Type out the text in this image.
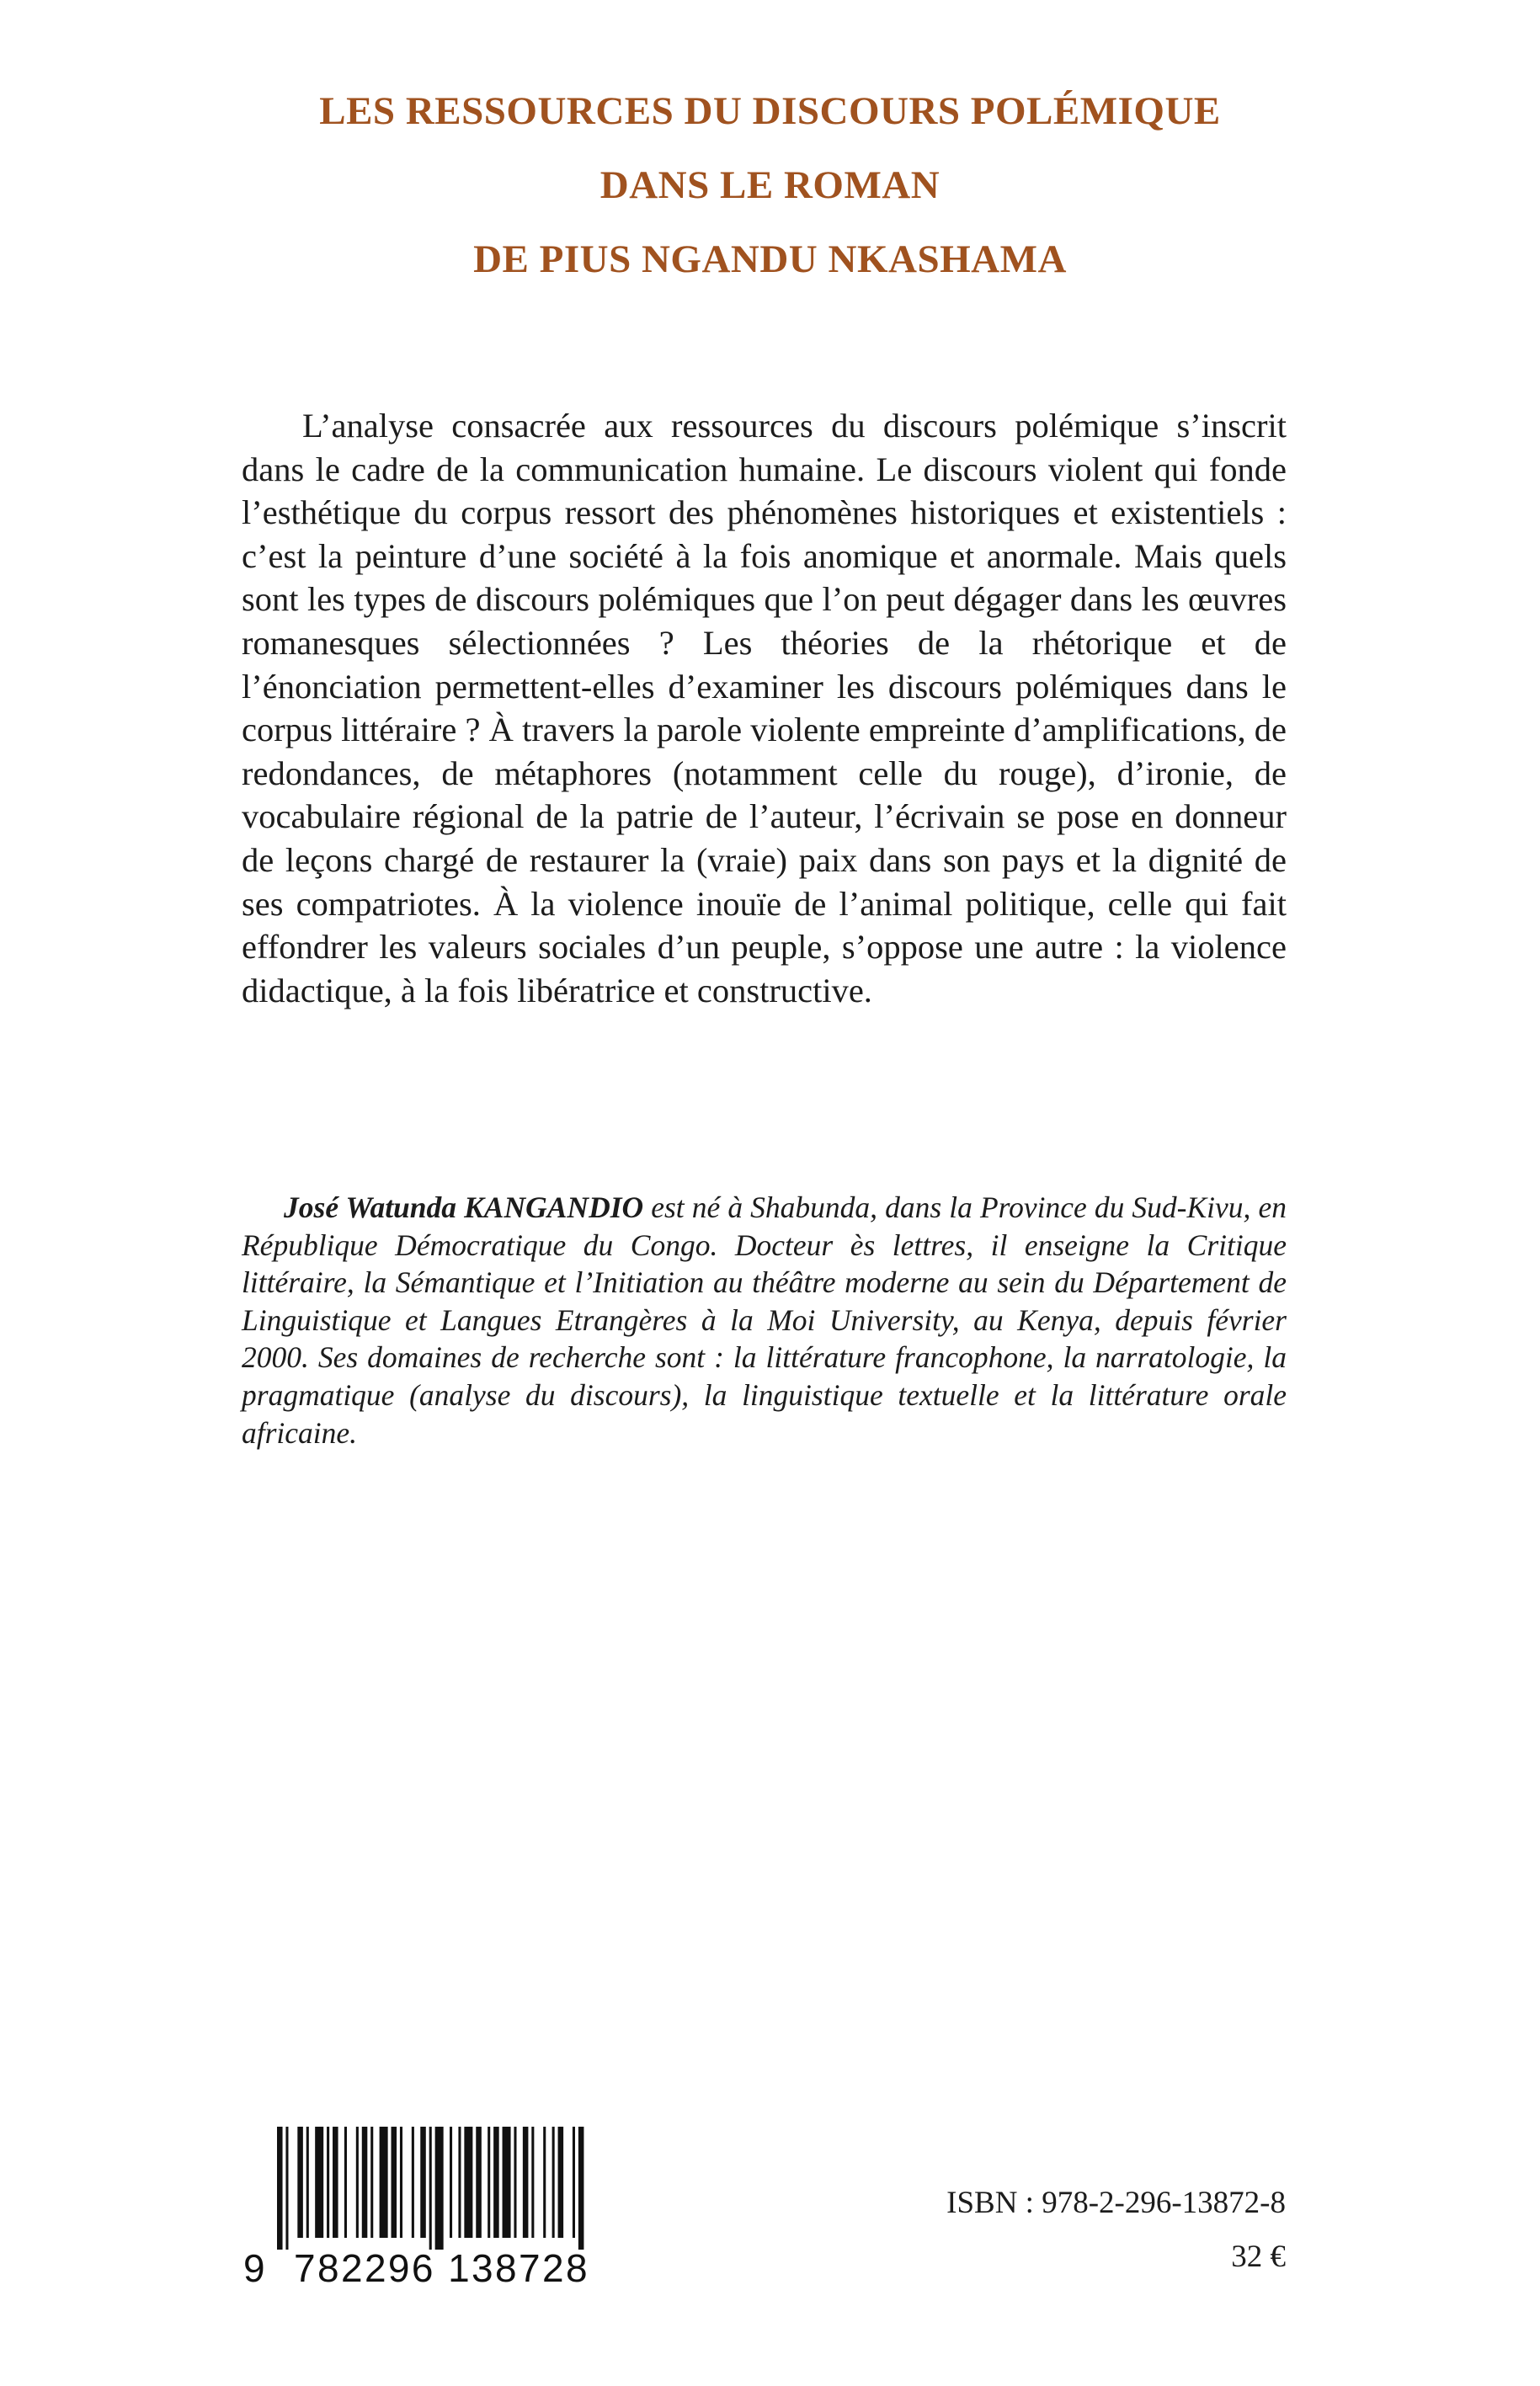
LES RESSOURCES DU DISCOURS POLÉMIQUE
DANS LE ROMAN
DE PIUS NGANDU NKASHAMA

L’analyse consacrée aux ressources du discours polémique s’inscrit dans le cadre de la communication humaine. Le discours violent qui fonde l’esthétique du corpus ressort des phénomènes historiques et existentiels : c’est la peinture d’une société à la fois anomique et anormale. Mais quels sont les types de discours polémiques que l’on peut dégager dans les œuvres romanesques sélectionnées ? Les théories de la rhétorique et de l’énonciation permettent-elles d’examiner les discours polémiques dans le corpus littéraire ? À travers la parole violente empreinte d’amplifications, de redondances, de métaphores (notamment celle du rouge), d’ironie, de vocabulaire régional de la patrie de l’auteur, l’écrivain se pose en donneur de leçons chargé de restaurer la (vraie) paix dans son pays et la dignité de ses compatriotes. À la violence inouïe de l’animal politique, celle qui fait effondrer les valeurs sociales d’un peuple, s’oppose une autre : la violence didactique, à la fois libératrice et constructive.

José Watunda KANGANDIO est né à Shabunda, dans la Province du Sud-Kivu, en République Démocratique du Congo. Docteur ès lettres, il enseigne la Critique littéraire, la Sémantique et l’Initiation au théâtre moderne au sein du Département de Linguistique et Langues Etrangères à la Moi University, au Kenya, depuis février 2000. Ses domaines de recherche sont : la littérature francophone, la narratologie, la pragmatique (analyse du discours), la linguistique textuelle et la littérature orale africaine.

9 782296 138728
ISBN : 978-2-296-13872-8
32 €
